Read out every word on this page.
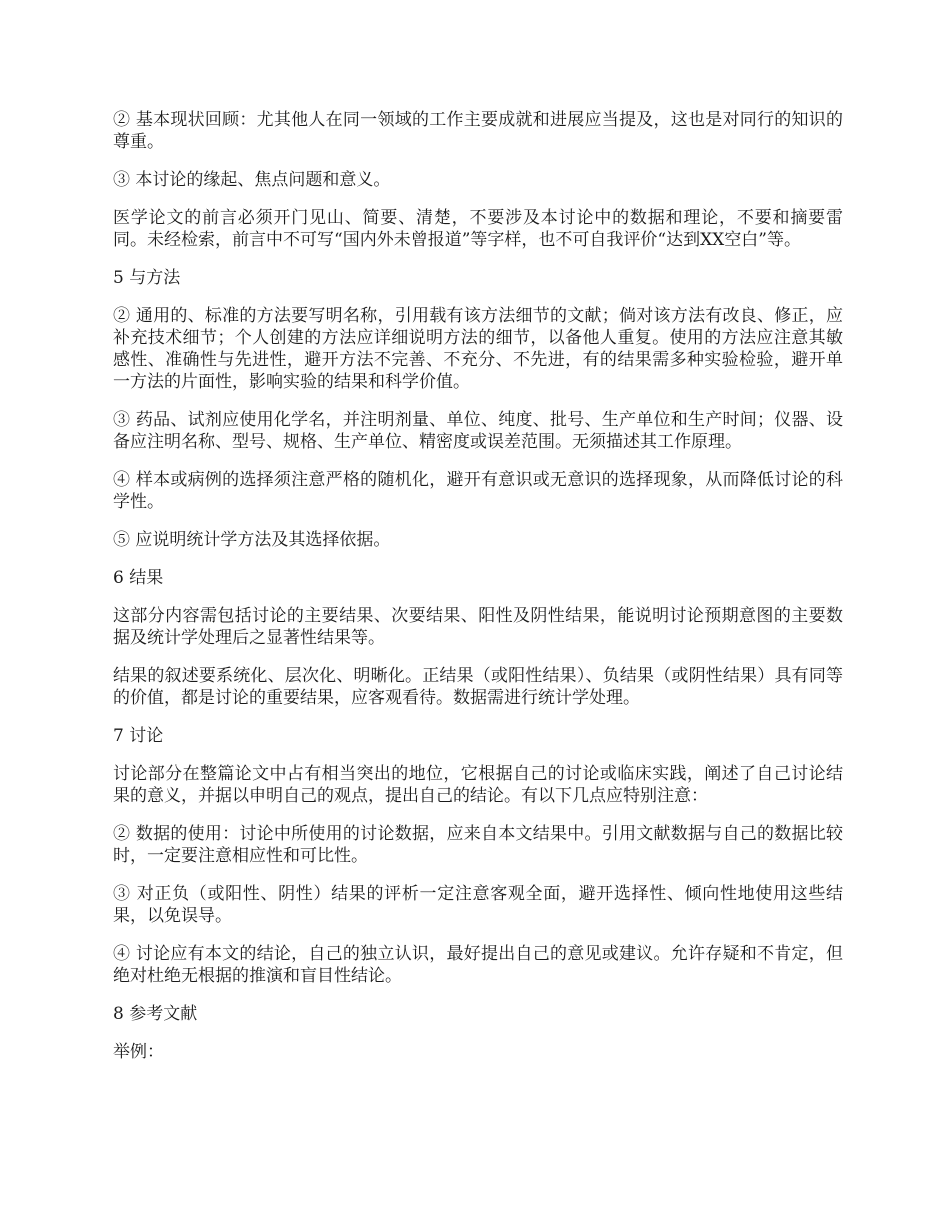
② 基本现状回顾：尤其他人在同一领域的工作主要成就和进展应当提及，这也是对同行的知识的尊重。

③ 本讨论的缘起、焦点问题和意义。

医学论文的前言必须开门见山、简要、清楚，不要涉及本讨论中的数据和理论，不要和摘要雷同。未经检索，前言中不可写“国内外未曾报道”等字样，也不可自我评价“达到XX空白”等。

5 与方法

② 通用的、标准的方法要写明名称，引用载有该方法细节的文献；倘对该方法有改良、修正，应补充技术细节；个人创建的方法应详细说明方法的细节，以备他人重复。使用的方法应注意其敏感性、准确性与先进性，避开方法不完善、不充分、不先进，有的结果需多种实验检验，避开单一方法的片面性，影响实验的结果和科学价值。

③ 药品、试剂应使用化学名，并注明剂量、单位、纯度、批号、生产单位和生产时间；仪器、设备应注明名称、型号、规格、生产单位、精密度或误差范围。无须描述其工作原理。

④ 样本或病例的选择须注意严格的随机化，避开有意识或无意识的选择现象，从而降低讨论的科学性。

⑤ 应说明统计学方法及其选择依据。

6 结果

这部分内容需包括讨论的主要结果、次要结果、阳性及阴性结果，能说明讨论预期意图的主要数据及统计学处理后之显著性结果等。

结果的叙述要系统化、层次化、明晰化。正结果（或阳性结果）、负结果（或阴性结果）具有同等的价值，都是讨论的重要结果，应客观看待。数据需进行统计学处理。

7 讨论

讨论部分在整篇论文中占有相当突出的地位，它根据自己的讨论或临床实践，阐述了自己讨论结果的意义，并据以申明自己的观点，提出自己的结论。有以下几点应特别注意：

② 数据的使用：讨论中所使用的讨论数据，应来自本文结果中。引用文献数据与自己的数据比较时，一定要注意相应性和可比性。

③ 对正负（或阳性、阴性）结果的评析一定注意客观全面，避开选择性、倾向性地使用这些结果，以免误导。

④ 讨论应有本文的结论，自己的独立认识，最好提出自己的意见或建议。允许存疑和不肯定，但绝对杜绝无根据的推演和盲目性结论。

8 参考文献

举例：
